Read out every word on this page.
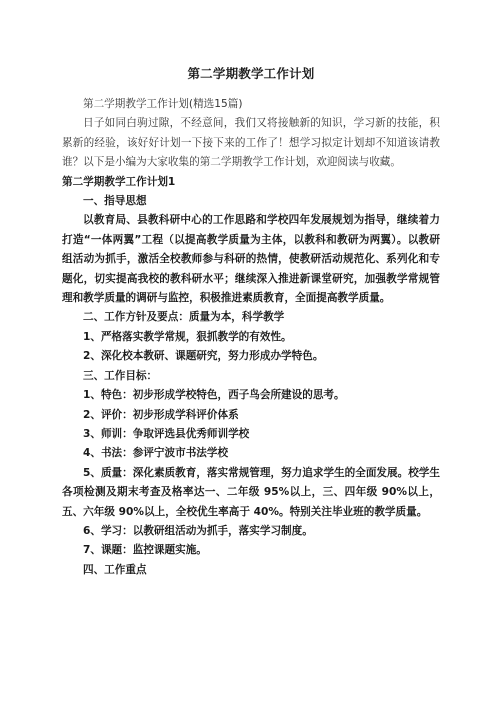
第二学期教学工作计划

第二学期教学工作计划(精选15篇)

日子如同白驹过隙，不经意间，我们又将接触新的知识，学习新的技能，积累新的经验，该好好计划一下接下来的工作了！想学习拟定计划却不知道该请教谁？以下是小编为大家收集的第二学期教学工作计划，欢迎阅读与收藏。

第二学期教学工作计划1

一、指导思想

以教育局、县教科研中心的工作思路和学校四年发展规划为指导，继续着力打造“一体两翼”工程（以提高教学质量为主体，以教科和教研为两翼）。以教研组活动为抓手，激活全校教师参与科研的热情，使教研活动规范化、系列化和专题化，切实提高我校的教科研水平；继续深入推进新课堂研究，加强教学常规管理和教学质量的调研与监控，积极推进素质教育，全面提高教学质量。

二、工作方针及要点：质量为本，科学教学

1、严格落实教学常规，狠抓教学的有效性。

2、深化校本教研、课题研究，努力形成办学特色。

三、工作目标：

1、特色：初步形成学校特色，西子鸟会所建设的思考。

2、评价：初步形成学科评价体系

3、师训：争取评选县优秀师训学校

4、书法：参评宁波市书法学校

5、质量：深化素质教育，落实常规管理，努力追求学生的全面发展。校学生各项检测及期末考查及格率达一、二年级 95%以上，三、四年级 90%以上，五、六年级 90%以上，全校优生率高于 40%。特别关注毕业班的教学质量。

6、学习：以教研组活动为抓手，落实学习制度。

7、课题：监控课题实施。

四、工作重点
